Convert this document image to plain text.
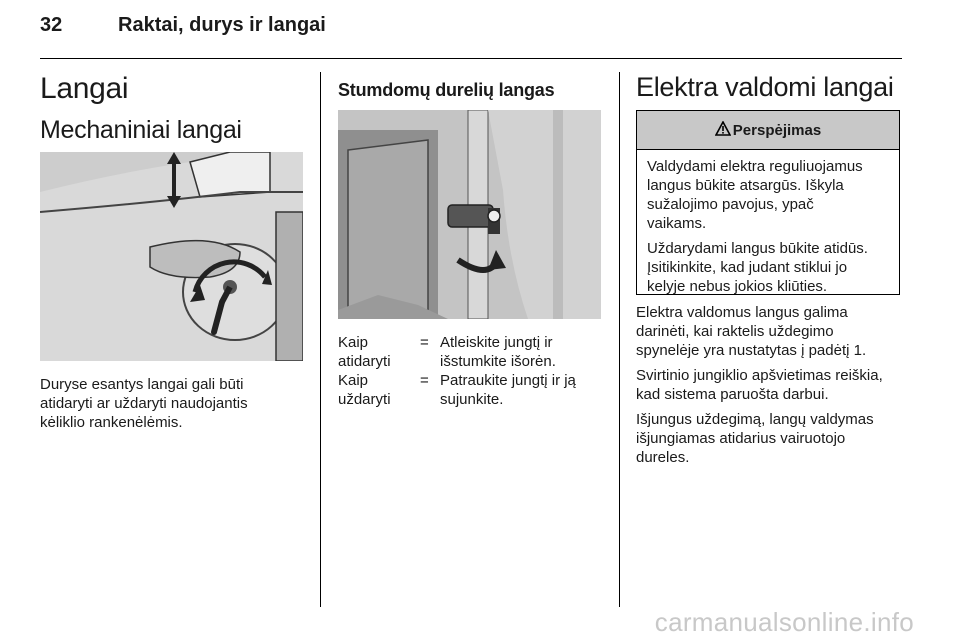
32	Raktai, durys ir langai
Langai
Mechaniniai langai
Duryse esantys langai gali būti
atidaryti ar uždaryti naudojantis
kėliklio rankenėlėmis.
Stumdomų durelių langas
Kaip
atidaryti
= Atleiskite jungtį ir
išstumkite išorėn.
Kaip
uždaryti
= Patraukite jungtį ir ją
sujunkite.
Elektra valdomi langai
Perspėjimas

Valdydami elektra reguliuojamus
langus būkite atsargūs. Iškyla
sužalojimo pavojus, ypač
vaikams.

Uždarydami langus būkite atidūs.
Įsitikinkite, kad judant stiklui jo
kelyje nebus jokios kliūties.

Elektra valdomus langus galima
darinėti, kai raktelis uždegimo
spynelėje yra nustatytas į padėtį 1.

Svirtinio jungiklio apšvietimas reiškia,
kad sistema paruošta darbui.

Išjungus uždegimą, langų valdymas
išjungiamas atidarius vairuotojo
dureles.

carmanualsonline.info
